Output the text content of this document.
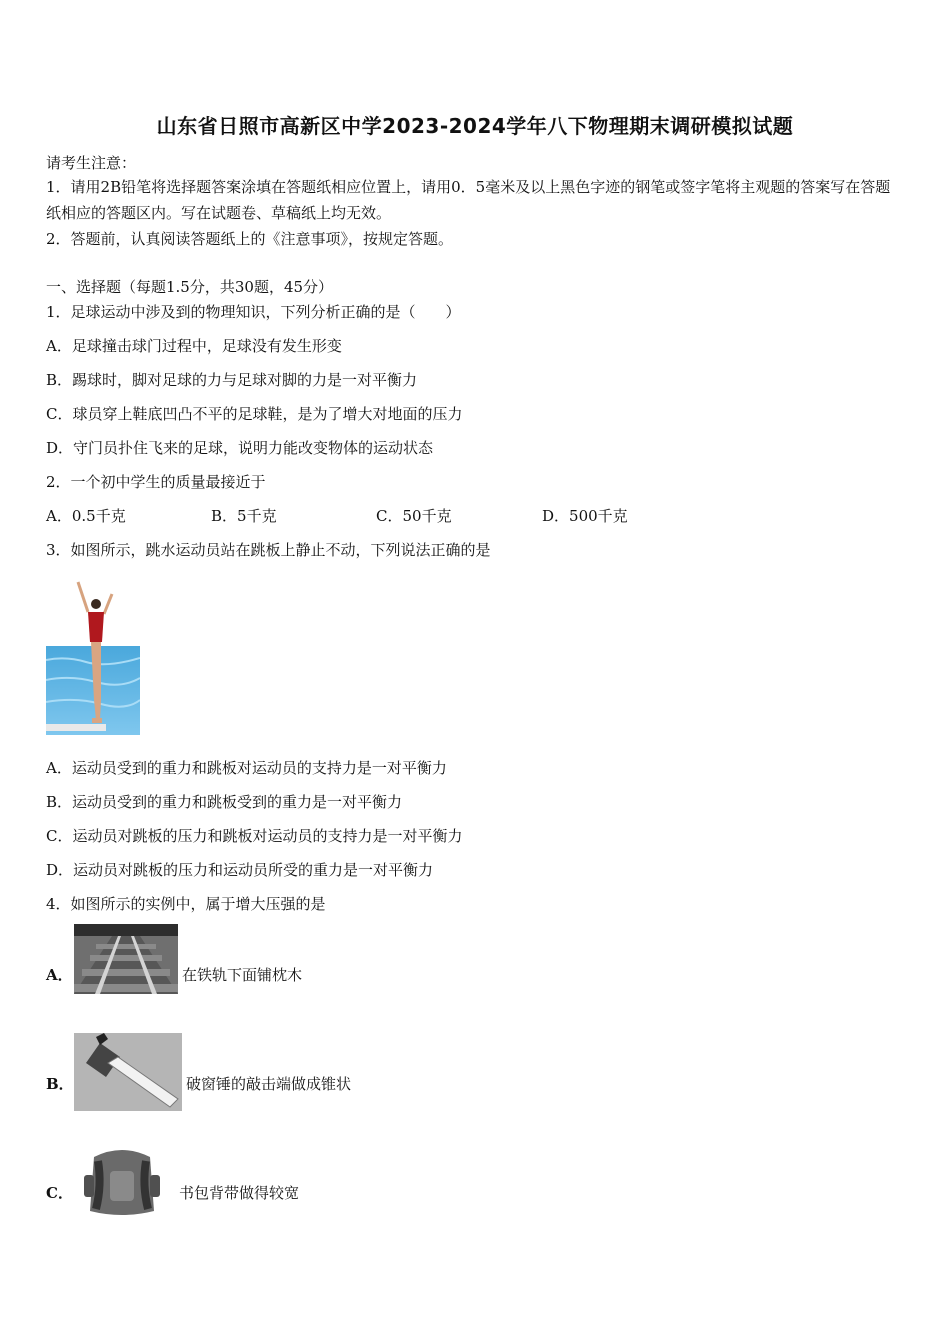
山东省日照市高新区中学2023-2024学年八下物理期末调研模拟试题
请考生注意：
1．请用2B铅笔将选择题答案涂填在答题纸相应位置上，请用0．5毫米及以上黑色字迹的钢笔或签字笔将主观题的答案写在答题纸相应的答题区内。写在试题卷、草稿纸上均无效。
2．答题前，认真阅读答题纸上的《注意事项》，按规定答题。
一、选择题（每题1.5分，共30题，45分）
1．足球运动中涉及到的物理知识，下列分析正确的是（　　）
A．足球撞击球门过程中，足球没有发生形变
B．踢球时，脚对足球的力与足球对脚的力是一对平衡力
C．球员穿上鞋底凹凸不平的足球鞋，是为了增大对地面的压力
D．守门员扑住飞来的足球，说明力能改变物体的运动状态
2．一个初中学生的质量最接近于
A．0.5千克	B．5千克	C．50千克	D．500千克
3．如图所示，跳水运动员站在跳板上静止不动，下列说法正确的是
A．运动员受到的重力和跳板对运动员的支持力是一对平衡力
B．运动员受到的重力和跳板受到的重力是一对平衡力
C．运动员对跳板的压力和跳板对运动员的支持力是一对平衡力
D．运动员对跳板的压力和运动员所受的重力是一对平衡力
4．如图所示的实例中，属于增大压强的是
A．	在铁轨下面铺枕木
B．	破窗锤的敲击端做成锥状
C．	书包背带做得较宽
